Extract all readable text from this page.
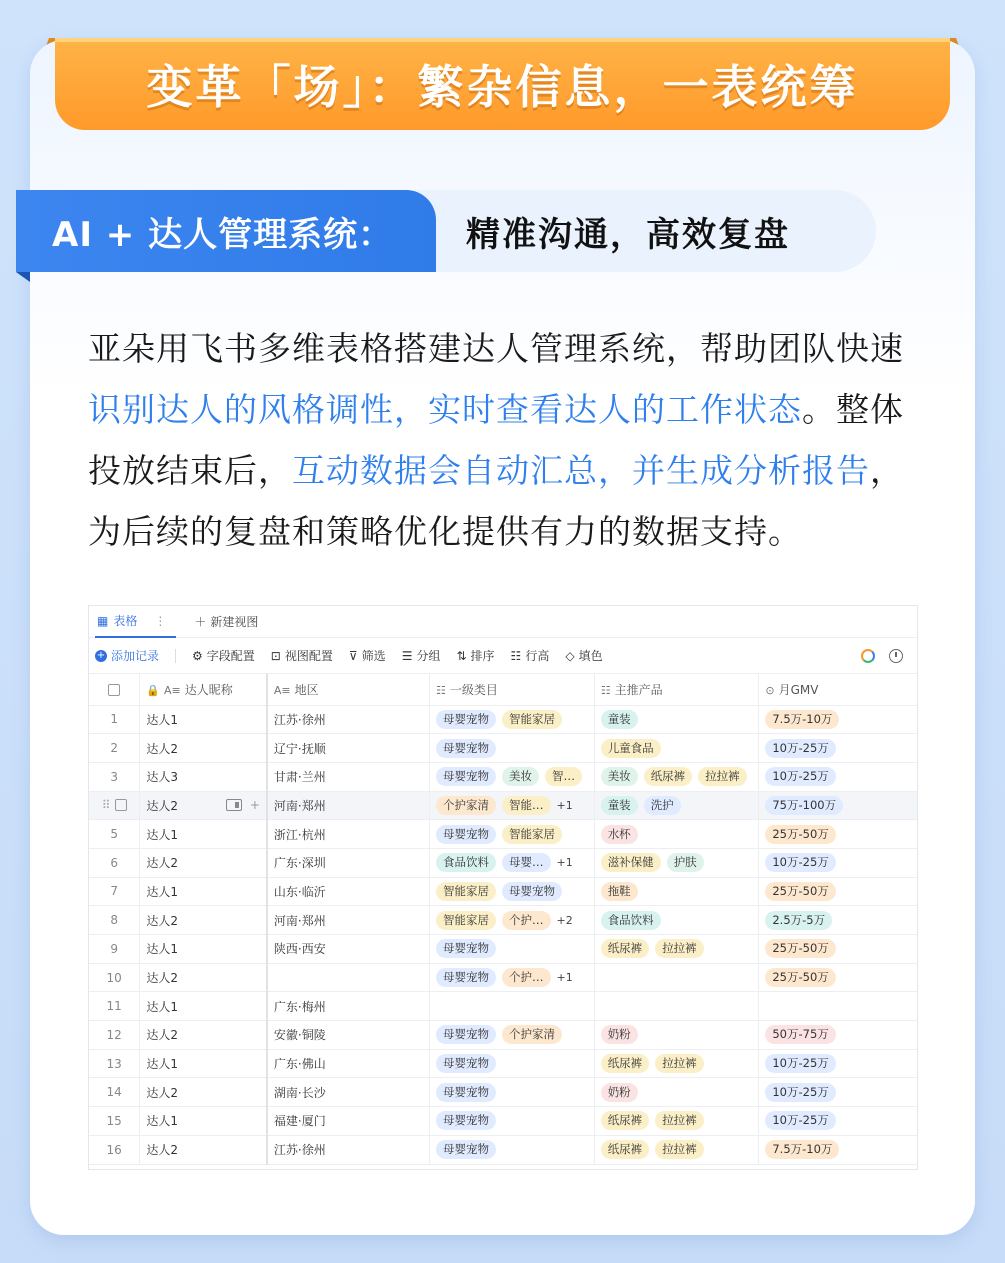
变革「场」：繁杂信息，一表统筹
精准沟通，高效复盘
AI + 达人管理系统：
亚朵用飞书多维表格搭建达人管理系统，帮助团队快速识别达人的风格调性，实时查看达人的工作状态。整体投放结束后，互动数据会自动汇总，并生成分析报告，为后续的复盘和策略优化提供有力的数据支持。
▦ 表格 ⋮ ＋ 新建视图
+ 添加记录	⚙ 字段配置 ⊡ 视图配置 ⊽ 筛选 ☰ 分组 ⇅ 排序 ☷ 行高 ◇ 填色
	🔒 A≡ 达人昵称	A≡ 地区	☷ 一级类目	☷ 主推产品	⊙ 月GMV
1	达人1	江苏·徐州	母婴宠物 智能家居	童装	7.5万-10万
2	达人2	辽宁·抚顺	母婴宠物	儿童食品	10万-25万
3	达人3	甘肃·兰州	母婴宠物 美妆 智…	美妆 纸尿裤 拉拉裤	10万-25万

⠿	达人2 +	河南·郑州	个护家清 智能… +1	童装 洗护	75万-100万
5	达人1	浙江·杭州	母婴宠物 智能家居	水杯	25万-50万
6	达人2	广东·深圳	食品饮料 母婴… +1	滋补保健 护肤	10万-25万
7	达人1	山东·临沂	智能家居 母婴宠物	拖鞋	25万-50万
8	达人2	河南·郑州	智能家居 个护… +2	食品饮料	2.5万-5万
9	达人1	陕西·西安	母婴宠物	纸尿裤 拉拉裤	25万-50万
10	达人2		母婴宠物 个护… +1		25万-50万
11	达人1	广东·梅州			
12	达人2	安徽·铜陵	母婴宠物 个护家清	奶粉	50万-75万
13	达人1	广东·佛山	母婴宠物	纸尿裤 拉拉裤	10万-25万
14	达人2	湖南·长沙	母婴宠物	奶粉	10万-25万
15	达人1	福建·厦门	母婴宠物	纸尿裤 拉拉裤	10万-25万
16	达人2	江苏·徐州	母婴宠物	纸尿裤 拉拉裤	7.5万-10万
